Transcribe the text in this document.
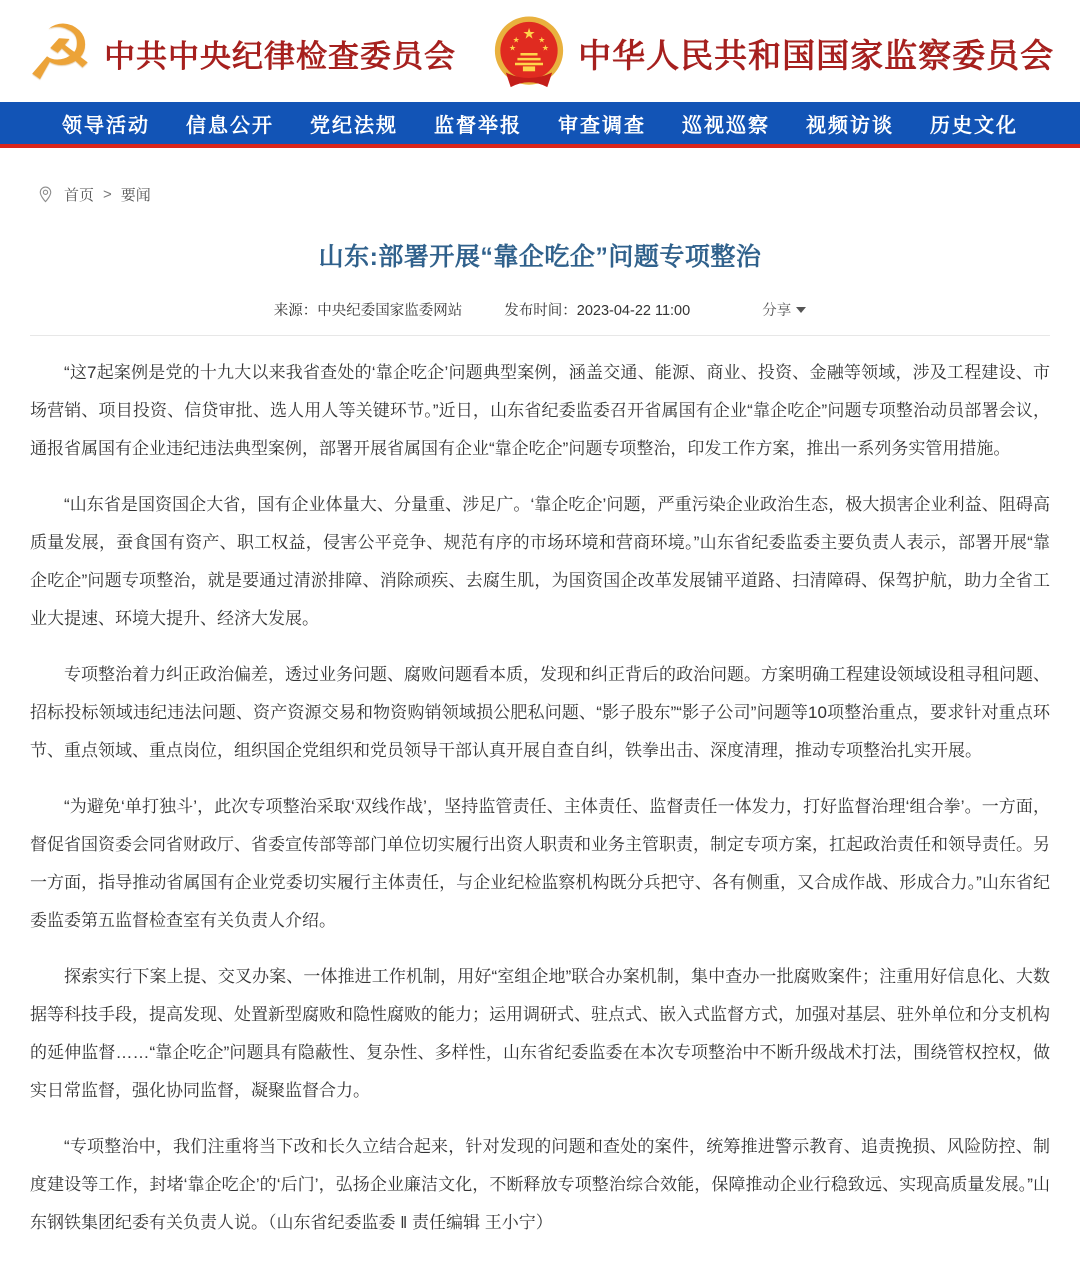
☭ 中共中央纪律检查委员会
★
★	★
★	★ 中华人民共和国国家监察委员会
领导活动 信息公开 党纪法规 监督举报 审查调查 巡视巡察 视频访谈 历史文化
首页 > 要闻
山东:部署开展“靠企吃企”问题专项整治
来源：中央纪委国家监委网站	发布时间：2023-04-22 11:00	分享

“这7起案例是党的十九大以来我省查处的‘靠企吃企’问题典型案例，涵盖交通、能源、商业、投资、金融等领域，涉及工程建设、市场营销、项目投资、信贷审批、选人用人等关键环节。”近日，山东省纪委监委召开省属国有企业“靠企吃企”问题专项整治动员部署会议，通报省属国有企业违纪违法典型案例，部署开展省属国有企业“靠企吃企”问题专项整治，印发工作方案，推出一系列务实管用措施。

“山东省是国资国企大省，国有企业体量大、分量重、涉足广。‘靠企吃企’问题，严重污染企业政治生态，极大损害企业利益、阻碍高质量发展，蚕食国有资产、职工权益，侵害公平竞争、规范有序的市场环境和营商环境。”山东省纪委监委主要负责人表示，部署开展“靠企吃企”问题专项整治，就是要通过清淤排障、消除顽疾、去腐生肌，为国资国企改革发展铺平道路、扫清障碍、保驾护航，助力全省工业大提速、环境大提升、经济大发展。

专项整治着力纠正政治偏差，透过业务问题、腐败问题看本质，发现和纠正背后的政治问题。方案明确工程建设领域设租寻租问题、招标投标领域违纪违法问题、资产资源交易和物资购销领域损公肥私问题、“影子股东”“影子公司”问题等10项整治重点，要求针对重点环节、重点领域、重点岗位，组织国企党组织和党员领导干部认真开展自查自纠，铁拳出击、深度清理，推动专项整治扎实开展。

“为避免‘单打独斗’，此次专项整治采取‘双线作战’，坚持监管责任、主体责任、监督责任一体发力，打好监督治理‘组合拳’。一方面，督促省国资委会同省财政厅、省委宣传部等部门单位切实履行出资人职责和业务主管职责，制定专项方案，扛起政治责任和领导责任。另一方面，指导推动省属国有企业党委切实履行主体责任，与企业纪检监察机构既分兵把守、各有侧重，又合成作战、形成合力。”山东省纪委监委第五监督检查室有关负责人介绍。

探索实行下案上提、交叉办案、一体推进工作机制，用好“室组企地”联合办案机制，集中查办一批腐败案件；注重用好信息化、大数据等科技手段，提高发现、处置新型腐败和隐性腐败的能力；运用调研式、驻点式、嵌入式监督方式，加强对基层、驻外单位和分支机构的延伸监督……“靠企吃企”问题具有隐蔽性、复杂性、多样性，山东省纪委监委在本次专项整治中不断升级战术打法，围绕管权控权，做实日常监督，强化协同监督，凝聚监督合力。

“专项整治中，我们注重将当下改和长久立结合起来，针对发现的问题和查处的案件，统筹推进警示教育、追责挽损、风险防控、制度建设等工作，封堵‘靠企吃企’的‘后门’，弘扬企业廉洁文化，不断释放专项整治综合效能，保障推动企业行稳致远、实现高质量发展。”山东钢铁集团纪委有关负责人说。（山东省纪委监委 ‖ 责任编辑 王小宁）
